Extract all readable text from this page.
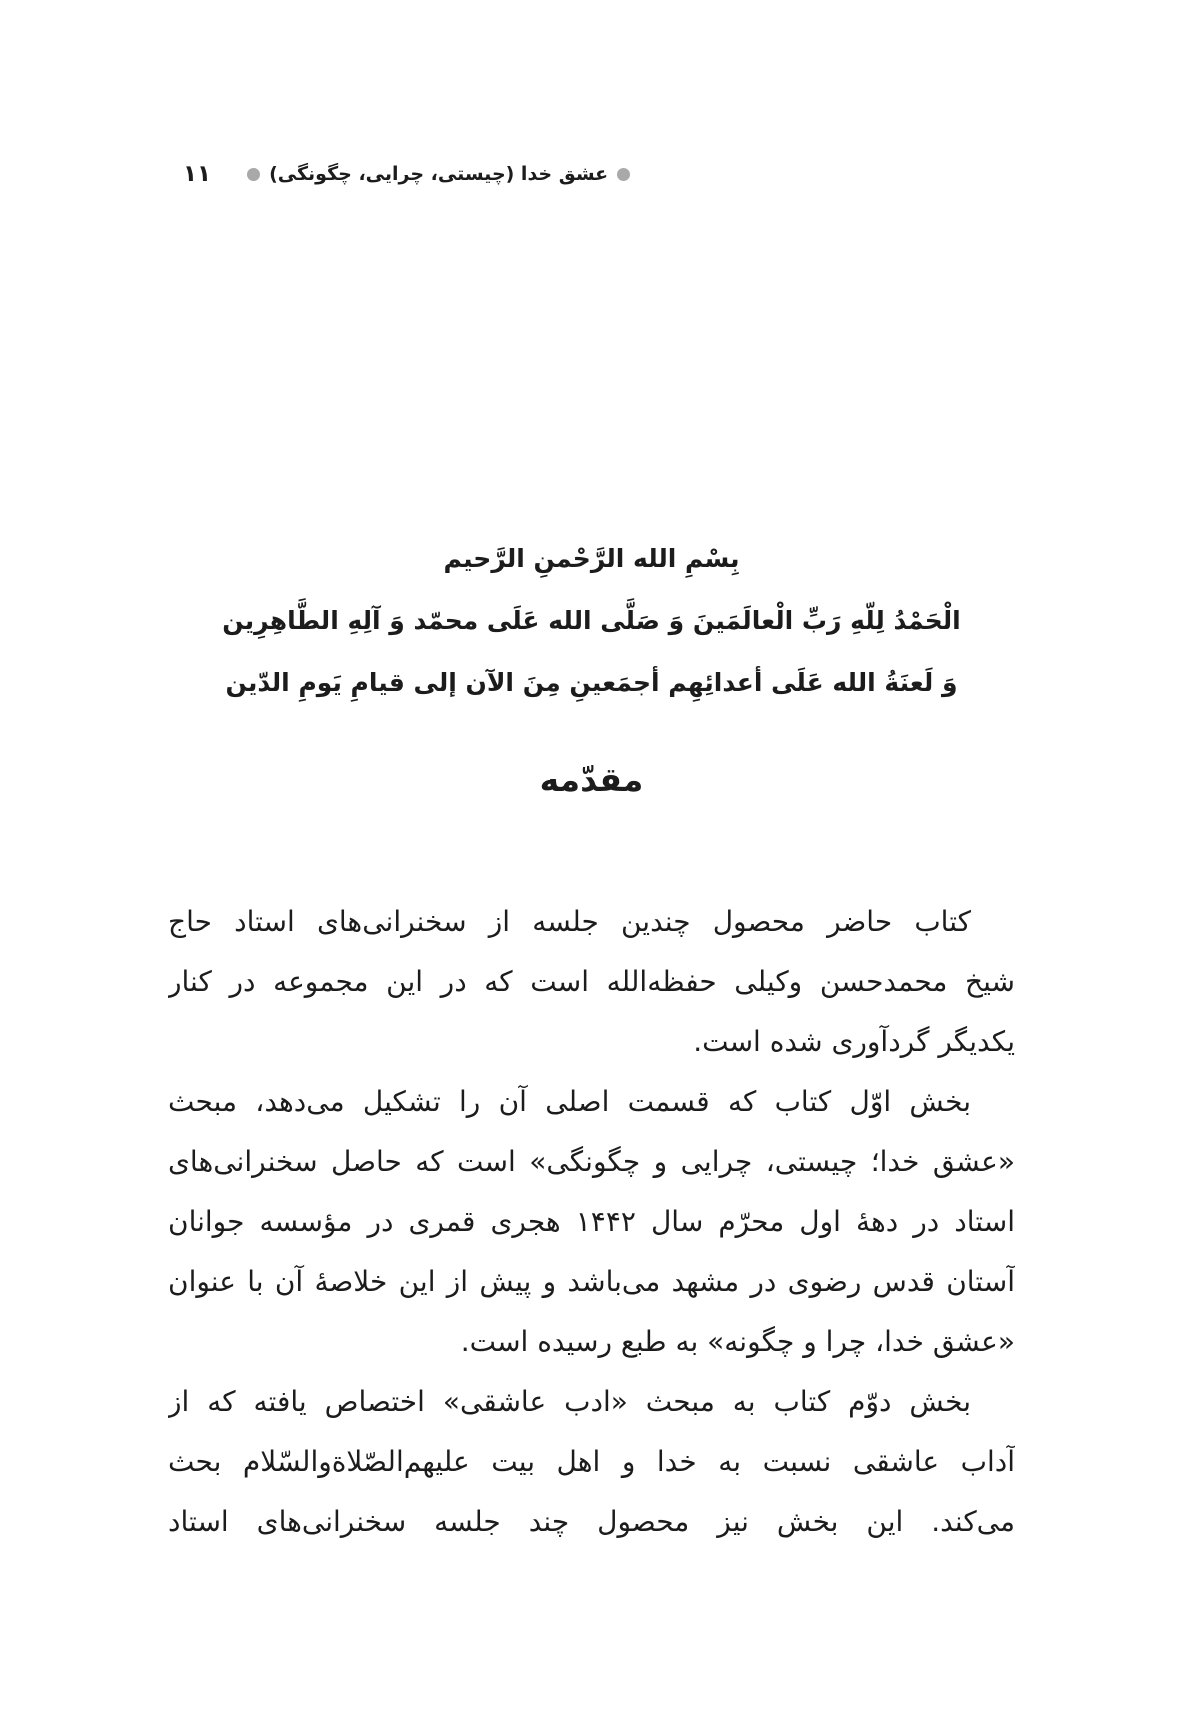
۱۱	عشق خدا (چیستی، چرایی، چگونگی)
بِسْمِ الله الرَّحْمنِ الرَّحیم
الْحَمْدُ لِلّهِ رَبِّ الْعالَمَینَ وَ صَلَّی الله عَلَی محمّد وَ آلِهِ الطَّاهِرِین
وَ لَعنَةُ الله عَلَی أعدائِهِم أجمَعینِ مِنَ الآن إلی قیامِ یَومِ الدّین
مقدّمه
کتاب حاضر محصول چندین جلسه از سخنرانی‌های استاد حاج
شیخ محمدحسن وکیلی حفظه‌الله است که در این مجموعه در کنار
یکدیگر گردآوری شده است.
بخش اوّل کتاب که قسمت اصلی آن را تشکیل می‌دهد، مبحث
«عشق خدا؛ چیستی، چرایی و چگونگی» است که حاصل سخنرانی‌های
استاد در دهۀ اول محرّم سال ۱۴۴۲ هجری قمری در مؤسسه جوانان
آستان قدس رضوی در مشهد می‌باشد و پیش از این خلاصۀ آن با عنوان
«عشق خدا، چرا و چگونه» به طبع رسیده است.
بخش دوّم کتاب به مبحث «ادب عاشقی» اختصاص یافته که از
آداب عاشقی نسبت به خدا و اهل بیت علیهم‌الصّلاة‌والسّلام بحث
می‌کند. این بخش نیز محصول چند جلسه سخنرانی‌های استاد
